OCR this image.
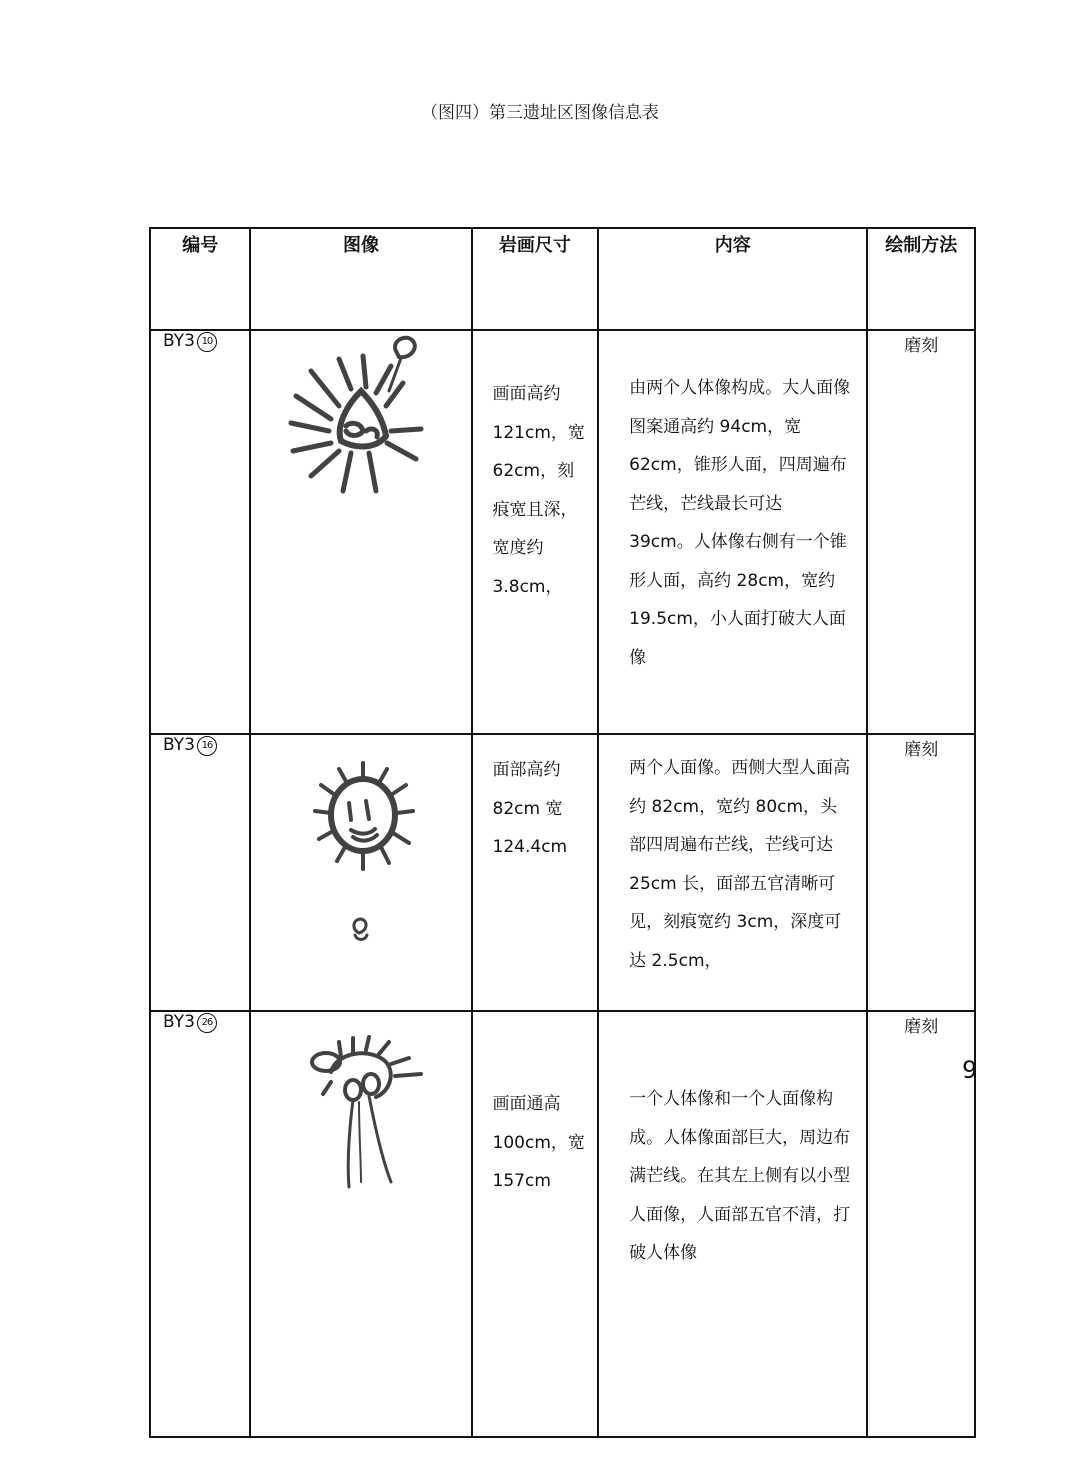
（图四）第三遗址区图像信息表
编号	图像	岩画尺寸	内容	绘制方法
BY3 10		画面高约121cm，宽 62cm，刻痕宽且深，宽度约3.8cm，	由两个人体像构成。大人面像图案通高约 94cm，宽 62cm，锥形人面，四周遍布芒线，芒线最长可达 39cm。人体像右侧有一个锥形人面，高约 28cm，宽约 19.5cm，小人面打破大人面像	磨刻
BY3 16		面部高约 82cm 宽 124.4cm	两个人面像。西侧大型人面高约 82cm，宽约 80cm，头部四周遍布芒线，芒线可达 25cm 长，面部五官清晰可见，刻痕宽约 3cm，深度可达 2.5cm，	磨刻
BY3 26		画面通高 100cm，宽 157cm	一个人体像和一个人面像构成。人体像面部巨大，周边布满芒线。在其左上侧有以小型人面像，人面部五官不清，打破人体像	磨刻
9
